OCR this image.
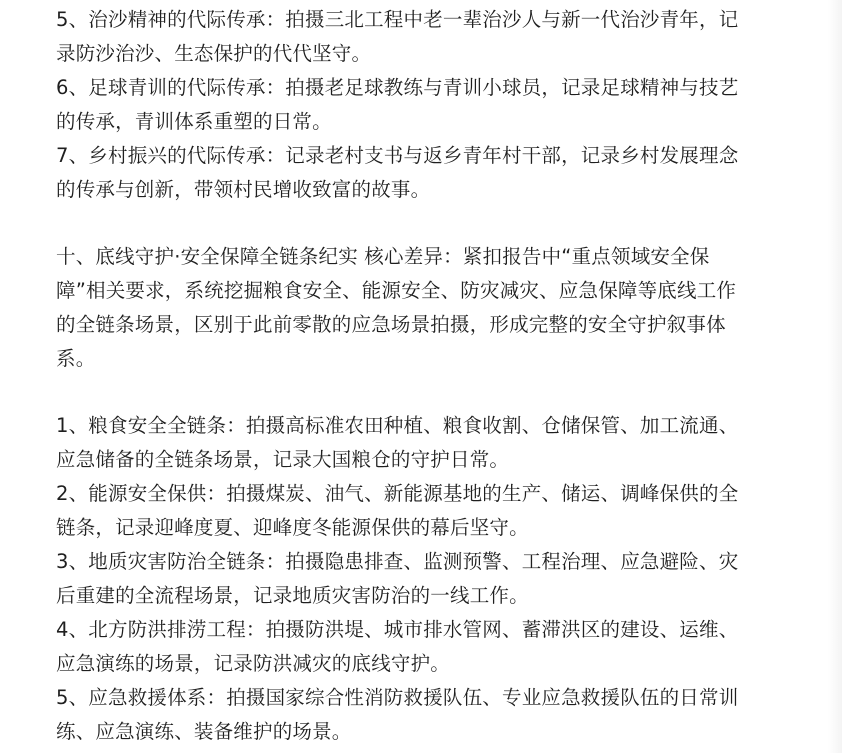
5、治沙精神的代际传承：拍摄三北工程中老一辈治沙人与新一代治沙青年，记
录防沙治沙、生态保护的代代坚守。

6、足球青训的代际传承：拍摄老足球教练与青训小球员，记录足球精神与技艺
的传承，青训体系重塑的日常。

7、乡村振兴的代际传承：记录老村支书与返乡青年村干部，记录乡村发展理念
的传承与创新，带领村民增收致富的故事。

十、底线守护·安全保障全链条纪实 核心差异：紧扣报告中“重点领域安全保
障”相关要求，系统挖掘粮食安全、能源安全、防灾减灾、应急保障等底线工作
的全链条场景，区别于此前零散的应急场景拍摄，形成完整的安全守护叙事体
系。

1、粮食安全全链条：拍摄高标准农田种植、粮食收割、仓储保管、加工流通、
应急储备的全链条场景，记录大国粮仓的守护日常。

2、能源安全保供：拍摄煤炭、油气、新能源基地的生产、储运、调峰保供的全
链条，记录迎峰度夏、迎峰度冬能源保供的幕后坚守。

3、地质灾害防治全链条：拍摄隐患排查、监测预警、工程治理、应急避险、灾
后重建的全流程场景，记录地质灾害防治的一线工作。

4、北方防洪排涝工程：拍摄防洪堤、城市排水管网、蓄滞洪区的建设、运维、
应急演练的场景，记录防洪减灾的底线守护。

5、应急救援体系：拍摄国家综合性消防救援队伍、专业应急救援队伍的日常训
练、应急演练、装备维护的场景。
